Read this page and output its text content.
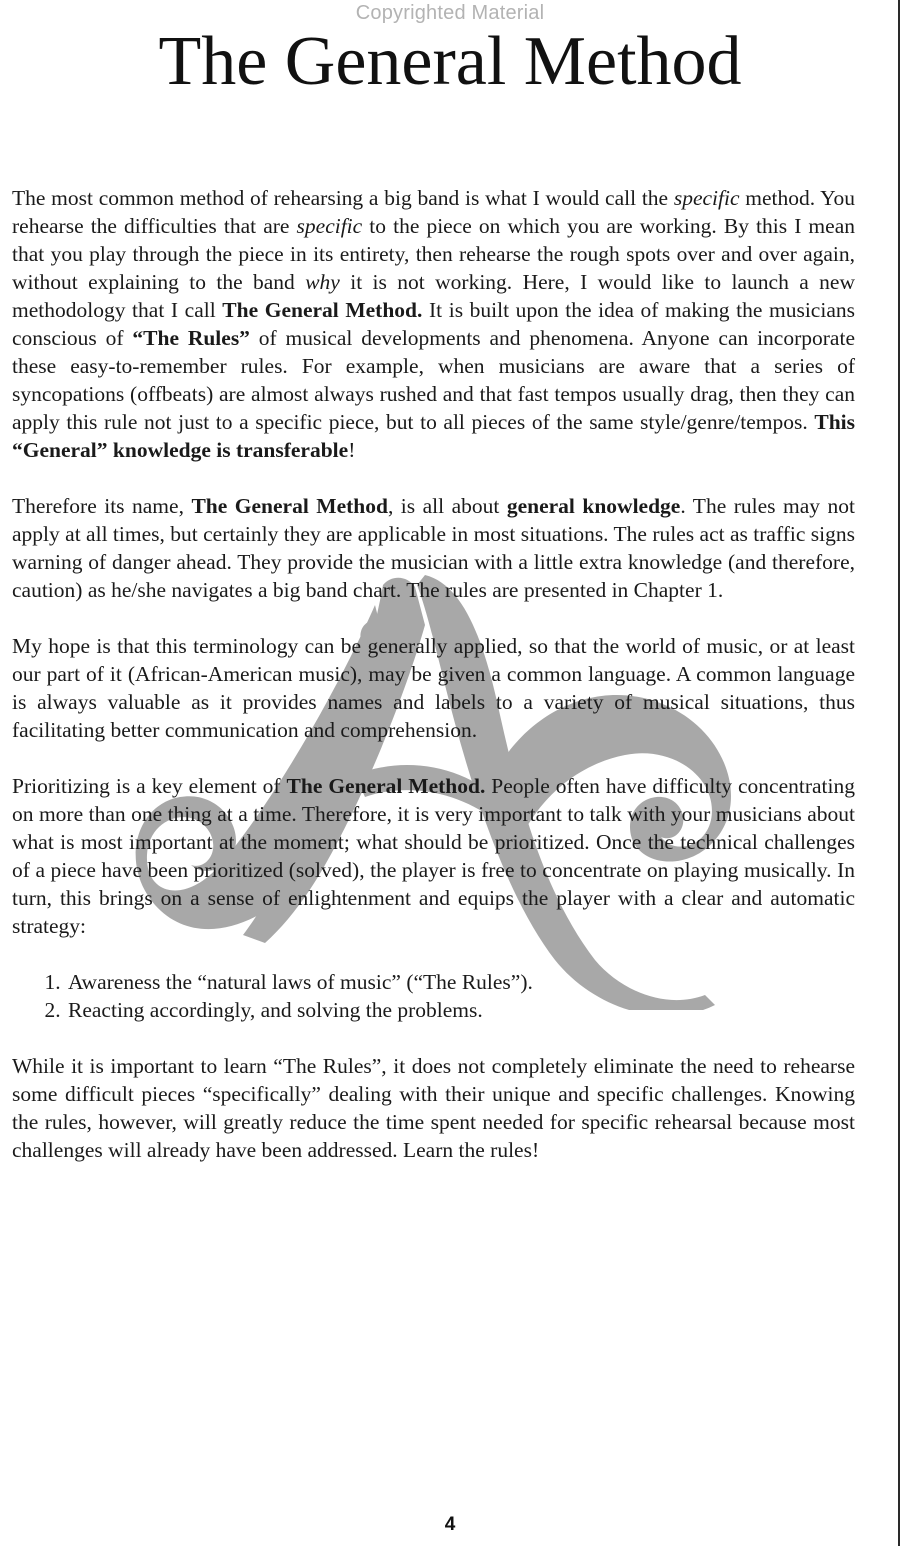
Copyrighted Material
The General Method

The most common method of rehearsing a big band is what I would call the specific method. You rehearse the difficulties that are specific to the piece on which you are working. By this I mean that you play through the piece in its entirety, then rehearse the rough spots over and over again, without explaining to the band why it is not working. Here, I would like to launch a new methodology that I call The General Method. It is built upon the idea of making the musicians conscious of “The Rules” of musical developments and phenomena. Anyone can incorporate these easy-to-remember rules. For example, when musicians are aware that a series of syncopations (offbeats) are almost always rushed and that fast tempos usually drag, then they can apply this rule not just to a specific piece, but to all pieces of the same style/genre/tempos. This “General” knowledge is transferable!

Therefore its name, The General Method, is all about general knowledge. The rules may not apply at all times, but certainly they are applicable in most situations. The rules act as traffic signs warning of danger ahead. They provide the musician with a little extra knowledge (and therefore, caution) as he/she navigates a big band chart. The rules are presented in Chapter 1.

My hope is that this terminology can be generally applied, so that the world of music, or at least our part of it (African-American music), may be given a common language. A common language is always valuable as it provides names and labels to a variety of musical situations, thus facilitating better communication and comprehension.

Prioritizing is a key element of The General Method. People often have difficulty concentrating on more than one thing at a time. Therefore, it is very important to talk with your musicians about what is most important at the moment; what should be prioritized. Once the technical challenges of a piece have been prioritized (solved), the player is free to concentrate on playing musically. In turn, this brings on a sense of enlightenment and equips the player with a clear and automatic strategy:

1. Awareness the “natural laws of music” (“The Rules”).
2. Reacting accordingly, and solving the problems.

While it is important to learn “The Rules”, it does not completely eliminate the need to rehearse some difficult pieces “specifically” dealing with their unique and specific challenges. Knowing the rules, however, will greatly reduce the time spent needed for specific rehearsal because most challenges will already have been addressed. Learn the rules!

4
